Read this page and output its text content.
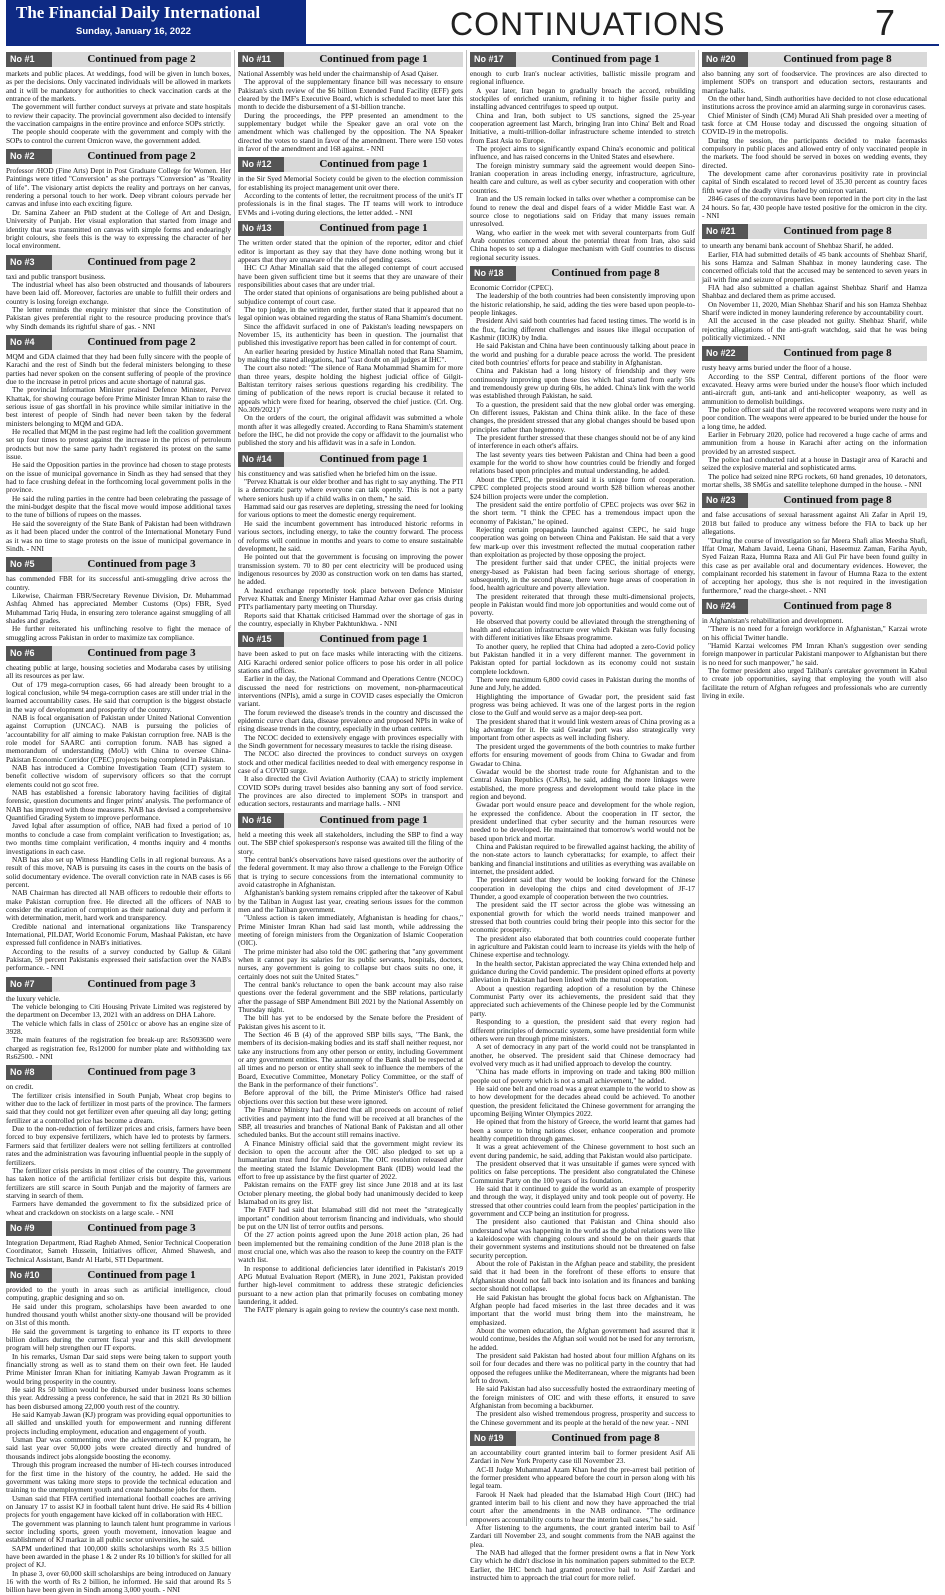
The Financial Daily International
Sunday, January 16, 2022	CONTINUATIONS	7
No #1	Continued from page 2

markets and public places. At weddings, food will be given in lunch boxes, as per the decisions. Only vaccinated individuals will be allowed in markets and it will be mandatory for authorities to check vaccination cards at the entrance of the markets.

The government will further conduct surveys at private and state hospitals to review their capacity. The provincial government also decided to intensify the vaccination campaigns in the entire province and enforce SOPs strictly.

The people should cooperate with the government and comply with the SOPs to control the current Omicron wave, the government added.

No #2	Continued from page 2

Professor /HOD (Fine Arts) Dept in Post Graduate College for Women. Her Paintings were titled "Conversion" as she portrays "Conversion" as "Reality of life". The visionary artist depicts the reality and portrays on her canvas, rendering a personal touch to her work. Deep vibrant colours pervade her canvas and infuse into each exciting figure.

Dr. Samina Zaheer an PhD student at the College of Art and Design, University of Punjab. Her visual exploration that started from image and identity that was transmitted on canvas with simple forms and endearingly bright colours, she feels this is the way to expressing the character of her local environment.

No #3	Continued from page 2

taxi and public transport business.

The industrial wheel has also been obstructed and thousands of labourers have been laid off. Moreover, factories are unable to fulfill their orders and country is losing foreign exchange.

The letter reminds the enquiry minister that since the Constitution of Pakistan gives preferential right to the resource producing province that's why Sindh demands its rightful share of gas. - NNI

No #4	Continued from page 2

MQM and GDA claimed that they had been fully sincere with the people of Karachi and the rest of Sindh but the federal ministers belonging to these parties had never spoken on the consent suffering of people of the province due to the increase in petrol prices and acute shortage of natural gas.

The provincial Information Minister praised Defence Minister, Pervez Khattak, for showing courage before Prime Minister Imran Khan to raise the serious issue of gas shortfall in his province while similar initiative in the best interest of people of Sindh had never been taken by the federal ministers belonging to MQM and GDA.

He recalled that MQM in the past regime had left the coalition government set up four times to protest against the increase in the prices of petroleum products but now the same party hadn't registered its protest on the same issue.

He said the Opposition parties in the province had chosen to stage protests on the issue of municipal governance in Sindh as they had sensed that they had to face crushing defeat in the forthcoming local government polls in the province.

He said the ruling parties in the centre had been celebrating the passage of the mini-budget despite that the fiscal move would impose additional taxes to the tune of billions of rupees on the masses.

He said the sovereignty of the State Bank of Pakistan had been withdrawn as it had been placed under the control of the International Monetary Fund as it was no time to stage protests on the issue of municipal governance in Sindh. - NNI

No #5	Continued from page 3

has commended FBR for its successful anti-smuggling drive across the country.

Likewise, Chairman FBR/Secretary Revenue Division, Dr. Muhammad Ashfaq Ahmed has appreciated Member Customs (Ops) FBR, Syed Muhammad Tariq Huda, in ensuring zero tolerance against smuggling of all shades and grades.

He further reiterated his unflinching resolve to fight the menace of smuggling across Pakistan in order to maximize tax compliance.

No #6	Continued from page 3

cheating public at large, housing societies and Modaraba cases by utilising all its resources as per law.

Out of 179 mega-corruption cases, 66 had already been brought to a logical conclusion, while 94 mega-corruption cases are still under trial in the learned accountability cases. He said that corruption is the biggest obstacle in the way of development and prosperity of the country.

NAB is focal organisation of Pakistan under United National Convention against Corruption (UNCAC). NAB is pursuing the policies of 'accountability for all' aiming to make Pakistan corruption free. NAB is the role model for SAARC anti corruption forum. NAB has signed a memorandum of understanding (MoU) with China to oversee China-Pakistan Economic Corridor (CPEC) projects being completed in Pakistan.

NAB has introduced a Combine Investigation Team (CIT) system to benefit collective wisdom of supervisory officers so that the corrupt elements could not go scot free.

NAB has established a forensic laboratory having facilities of digital forensic, question documents and finger prints' analysis. The performance of NAB has improved with those measures. NAB has devised a comprehensive Quantified Grading System to improve performance.

Javed Iqbal after assumption of office, NAB had fixed a period of 10 months to conclude a case from complaint verification to Investigation; as, two months time complaint verification, 4 months inquiry and 4 months investigations in each case.

NAB has also set up Witness Handling Cells in all regional bureaus. As a result of this move, NAB is pursuing its cases in the courts on the basis of solid documentary evidence. The overall conviction rate in NAB cases is 66 percent.

NAB Chairman has directed all NAB officers to redouble their efforts to make Pakistan corruption free. He directed all the officers of NAB to consider the eradication of corruption as their national duty and perform it with determination, merit, hard work and transparency.

Credible national and international organizations like Transparency International, PILDAT, World Economic Forum, Mashaal Pakistan, etc have expressed full confidence in NAB's initiatives.

According to the results of a survey conducted by Gallup & Gilani Pakistan, 59 percent Pakistanis expressed their satisfaction over the NAB's performance. - NNI

No #7	Continued from page 3

the luxury vehicle.

The vehicle belonging to Citi Housing Private Limited was registered by the department on December 13, 2021 with an address on DHA Lahore.

The vehicle which falls in class of 2501cc or above has an engine size of 3928.

The main features of the registration fee break-up are: Rs5093600 were charged as registration fee, Rs12000 for number plate and withholding tax Rs62500. - NNI

No #8	Continued from page 3

on credit.

The fertilizer crisis intensified in South Punjab, Wheat crop begins to wither due to the lack of fertilizer in most parts of the province. The farmers said that they could not get fertilizer even after queuing all day long; getting fertilizer at a controlled price has become a dream.

Due to the non-reduction of fertilizer prices and crisis, farmers have been forced to buy expensive fertilizers, which have led to protests by farmers. Farmers said that fertilizer dealers were not selling fertilizers at controlled rates and the administration was favouring influential people in the supply of fertilizers.

The fertilizer crisis persists in most cities of the country. The government has taken notice of the artificial fertilizer crisis but despite this, various fertilizers are still scarce in South Punjab and the majority of farmers are starving in search of them.

Farmers have demanded the government to fix the subsidized price of wheat and crackdown on stockists on a large scale. - NNI

No #9	Continued from page 3

Integration Department, Riad Ragheb Ahmed, Senior Technical Cooperation Coordinator, Sameh Hussein, Initiatives officer, Ahmed Shawesh, and Technical Assistant, Bandr Al Harbi, STI Department.

No #10	Continued from page 1

provided to the youth in areas such as artificial intelligence, cloud computing, graphic designing and so on.

He said under this program, scholarships have been awarded to one hundred thousand youth whilst another sixty-one thousand will be provided on 31st of this month.

He said the government is targeting to enhance its IT exports to three billion dollars during the current fiscal year and this skill development program will help strengthen our IT exports.

In his remarks, Usman Dar said steps were being taken to support youth financially strong as well as to stand them on their own feet. He lauded Prime Minister Imran Khan for initiating Kamyab Jawan Programm as it would bring prosperity in the country.

He said Rs 50 billion would be disbursed under business loans schemes this year. Addressing a press conference, he said that in 2021 Rs 30 billion has been disbursed among 22,000 youth rest of the country.

He said Kamyab Jawan (KJ) program was providing equal opportunities to all skilled and unskilled youth for empowerment and running different projects including employment, education and engagement of youth.

Usman Dar was commenting over the achievements of KJ program, he said last year over 50,000 jobs were created directly and hundred of thousands indirect jobs alongside boosting the economy.

Through this program increased the number of Hi-tech courses introduced for the first time in the history of the country, he added. He said the government was taking more steps to provide the technical education and training to the unemployment youth and create handsome jobs for them.

Usman said that FIFA certified international football coaches are arriving on January 17 to assist KJ in football talent hunt drive. He said Rs 4 billion projects for youth engagement have kicked off in collaboration with HEC.

The government was planning to launch talent hunt programme in various sector including sports, green youth movement, innovation league and establishment of KJ markaz in all public sector universities, he said.

SAPM underlined that 100,000 skills scholarships worth Rs 3.5 billion have been awarded in the phase 1 & 2 under Rs 10 billion's for skilled for all project of KJ.

In phase 3, over 60,000 skill scholarships are being introduced on January 16 with the worth of Rs 2 billion, he informed. He said that around Rs 5 billion have been given in Sindh among 3,000 youth. - NNI

No #11	Continued from page 1

National Assembly was held under the chairmanship of Asad Qaiser.

The approval of the supplementary finance bill was necessary to ensure Pakistan's sixth review of the $6 billion Extended Fund Facility (EFF) gets cleared by the IMF's Executive Board, which is scheduled to meet later this month to decide the disbursement of a $1-billion tranche.

During the proceedings, the PPP presented an amendment to the supplementary budget while the Speaker gave an oral vote on the amendment which was challenged by the opposition. The NA Speaker directed the votes to stand in favor of the amendment. There were 150 votes in favor of the amendment and 168 against. - NNI

No #12	Continued from page 1

in the Sir Syed Memorial Society could be given to the election commission for establishing its project management unit over there.

According to the contents of letter, the recruitment process of the unit's IT professionals is in the final stages. The IT teams will work to introduce EVMs and i-voting during elections, the letter added. - NNI

No #13	Continued from page 1

The written order stated that the opinion of the reporter, editor and chief editor is important as they say that they have done nothing wrong but it appears that they are unaware of the rules of pending cases.

IHC CJ Athar Minallah said that the alleged contempt of court accused have been given sufficient time but it seems that they are unaware of their responsibilities about cases that are under trial.

The order stated that opinions of organisations are being published about a subjudice contempt of court case.

The top judge, in the written order, further stated that it appeared that no legal opinion was obtained regarding the status of Rana Shamim's document.

Since the affidavit surfaced in one of Pakistan's leading newspapers on November 15, its authenticity has been in question. The journalist that published this investigative report has been called in for contempt of court.

An earlier hearing presided by Justice Minallah noted that Rana Shamim, by making the stated allegations, had "cast doubt on all judges at IHC".

The court also noted: "The silence of Rana Mohammad Shamim for more than three years, despite holding the highest judicial office of Gilgit-Baltistan territory raises serious questions regarding his credibility. The timing of publication of the news report is crucial because it related to appeals which were fixed for hearing, observed the chief justice. (Crl. Org. No.309/2021)"

On the orders of the court, the original affidavit was submitted a whole month after it was allegedly created. According to Rana Shamim's statement before the IHC, he did not provide the copy or affidavit to the journalist who published the story and his affidavit was in a safe in London.

No #14	Continued from page 1

his constituency and was satisfied when he briefed him on the issue.

"Pervez Khattak is our elder brother and has right to say anything. The PTI is a democratic party where everyone can talk openly. This is not a party where seniors hush up if a child walks in on them," he said.

Hammad said our gas reserves are depleting, stressing the need for looking for various options to meet the domestic energy requirement.

He said the incumbent government has introduced historic reforms in various sectors, including energy, to take the country forward. The process of reforms will continue in months and years to come to ensure sustainable development, he said.

He pointed out that the government is focusing on improving the power transmission system. 70 to 80 per cent electricity will be produced using indigenous resources by 2030 as construction work on ten dams has started, he added.

A heated exchange reportedly took place between Defence Minister Pervez Khattak and Energy Minister Hammad Azhar over gas crisis during PTI's parliamentary party meeting on Thursday.

Reports said that Khattak criticised Hammad over the shortage of gas in the country, especially in Khyber Pakhtunkhwa. - NNI

No #15	Continued from page 1

have been asked to put on face masks while interacting with the citizens. AIG Karachi ordered senior police officers to pose his order in all police stations and offices.

Earlier in the day, the National Command and Operations Centre (NCOC) discussed the need for restrictions on movement, non-pharmaceutical interventions (NPIs), amid a surge in COVID cases especially the Omicron variant.

The forum reviewed the disease's trends in the country and discussed the epidemic curve chart data, disease prevalence and proposed NPIs in wake of rising disease trends in the country, especially in the urban centers.

The NCOC decided to extensively engage with provinces especially with the Sindh government for necessary measures to tackle the rising disease.

The NCOC also directed the provinces to conduct surveys on oxygen stock and other medical facilities needed to deal with emergency response in case of a COVID surge.

It also directed the Civil Aviation Authority (CAA) to strictly implement COVID SOPs during travel besides also banning any sort of food service. The provinces are also directed to implement SOPs in transport and education sectors, restaurants and marriage halls. - NNI

No #16	Continued from page 1

held a meeting this week all stakeholders, including the SBP to find a way out. The SBP chief spokesperson's response was awaited till the filing of the story.

The central bank's observations have raised questions over the authority of the federal government. It may also throw a challenge to the Foreign Office that is trying to secure concessions from the international community to avoid catastrophe in Afghanistan.

Afghanistan's banking system remains crippled after the takeover of Kabul by the Taliban in August last year, creating serious issues for the common men and the Taliban government.

"Unless action is taken immediately, Afghanistan is heading for chaos," Prime Minister Imran Khan had said last month, while addressing the meeting of foreign ministers from the Organization of Islamic Cooperation (OIC).

The prime minister had also told the OIC gathering that "any government when it cannot pay its salaries for its public servants, hospitals, doctors, nurses, any government is going to collapse but chaos suits no one, it certainly does not suit the United States."

The central bank's reluctance to open the bank account may also raise questions over the federal government and the SBP relations, particularly after the passage of SBP Amendment Bill 2021 by the National Assembly on Thursday night.

The bill has yet to be endorsed by the Senate before the President of Pakistan gives his ascent to it.

The Section 46 B (4) of the approved SBP bills says, "The Bank, the members of its decision-making bodies and its staff shall neither request, nor take any instructions from any other person or entity, including Government or any government entities. The autonomy of the Bank shall be respected at all times and no person or entity shall seek to influence the members of the Board, Executive Committee, Monetary Policy Committee, or the staff of the Bank in the performance of their functions".

Before approval of the bill, the Prime Minister's Office had raised objections over this section but these were ignored.

The Finance Ministry had directed that all proceeds on account of relief activities and payment into the fund will be received at all branches of the SBP, all treasuries and branches of National Bank of Pakistan and all other scheduled banks. But the account still remains inactive.

A Finance Ministry official said that the government might review its decision to open the account after the OIC also pledged to set up a humanitarian trust fund for Afghanistan. The OIC resolution released after the meeting stated the Islamic Development Bank (IDB) would lead the effort to free up assistance by the first quarter of 2022.

Pakistan remains on the FATF grey list since June 2018 and at its last October plenary meeting, the global body had unanimously decided to keep Islamabad on its grey list.

The FATF had said that Islamabad still did not meet the "strategically important" condition about terrorism financing and individuals, who should be put on the UN list of terror outfits and persons.

Of the 27 action points agreed upon the June 2018 action plan, 26 had been implemented but the remaining condition of the June 2018 plan is the most crucial one, which was also the reason to keep the country on the FATF watch list.

In response to additional deficiencies later identified in Pakistan's 2019 APG Mutual Evaluation Report (MER), in June 2021, Pakistan provided further high-level commitment to address these strategic deficiencies pursuant to a new action plan that primarily focuses on combating money laundering, it added.

The FATF plenary is again going to review the country's case next month.

No #17	Continued from page 1

enough to curb Iran's nuclear activities, ballistic missile program and regional influence.

A year later, Iran began to gradually breach the accord, rebuilding stockpiles of enriched uranium, refining it to higher fissile purity and installing advanced centrifuges to speed up output.

China and Iran, both subject to US sanctions, signed the 25-year cooperation agreement last March, bringing Iran into China' Belt and Road Initiative, a multi-trillion-dollar infrastructure scheme intended to stretch from East Asia to Europe.

The project aims to significantly expand China's economic and political influence, and has raised concerns in the United States and elsewhere.

The foreign ministry summary said the agreement would deepen Sino-Iranian cooperation in areas including energy, infrastructure, agriculture, health care and culture, as well as cyber security and cooperation with other countries.

Iran and the US remain locked in talks over whether a compromise can be found to renew the deal and dispel fears of a wider Middle East war. A source close to negotiations said on Friday that many issues remain unresolved.

Wang, who earlier in the week met with several counterparts from Gulf Arab countries concerned about the potential threat from Iran, also said China hopes to set up a dialogue mechanism with Gulf countries to discuss regional security issues.

No #18	Continued from page 8

Economic Corridor (CPEC).

The leadership of the both countries had been consistently improving upon the historic relationship, he said, adding the ties were based upon people-to-people linkages.

President Alvi said both countries had faced testing times. The world is in the flux, facing different challenges and issues like illegal occupation of Kashmir (IIOJK) by India.

He said Pakistan and China have been continuously talking about peace in the world and pushing for a durable peace across the world. The president cited both countries' efforts for peace and stability in Afghanistan.

China and Pakistan had a long history of friendship and they were continuously improving upon these ties which had started from early 50s and tremendously grew up during 60s, he added. China's link with the world was established through Pakistan, he said.

To a question, the president said that the new global order was emerging. On different issues, Pakistan and China think alike. In the face of these changes, the president stressed that any global changes should be based upon principles rather than hegemony.

The president further stressed that these changes should not be of any kind of interference in each other's affairs.

The last seventy years ties between Pakistan and China had been a good example for the world to show how countries could be friendly and forged relations based upon principles and mutual understanding, he added.

About the CPEC, the president said it is unique form of cooperation. CPEC completed projects stood around worth $28 billion whereas another $24 billion projects were under the completion.

The president said the entire portfolio of CPEC projects was over $62 in the short term. "I think the CPEC has a tremendous impact upon the economy of Pakistan," he opined.

Rejecting certain propaganda launched against CEPC, he said huge cooperation was going on between China and Pakistan. He said that a very few mark-up over this investment reflected the mutual cooperation rather than exploitation as projected by those opposing the project.

The president further said that under CPEC, the initial projects were energy-based as Pakistan had been facing serious shortage of energy, subsequently, in the second phase, there were huge areas of cooperation in food, health agriculture and poverty alleviation.

The president reiterated that through these multi-dimensional projects, people in Pakistan would find more job opportunities and would come out of poverty.

He observed that poverty could be alleviated through the strengthening of health and education infrastructure over which Pakistan was fully focusing with different initiatives like Ehsaas programme.

To another query, he replied that China had adopted a zero-Covid policy but Pakistan handled it in a very different manner. The government in Pakistan opted for partial lockdown as its economy could not sustain complete lockdown.

There were maximum 6,800 covid cases in Pakistan during the months of June and July, he added.

Highlighting the importance of Gwadar port, the president said fast progress was being achieved. It was one of the largest ports in the region close to the Gulf and would serve as a major deep-sea port.

The president shared that it would link western areas of China proving as a big advantage for it. He said Gwadar port was also strategically very important from other aspects as well including fishery.

The president urged the governments of the both countries to make further efforts for ensuring movement of goods from China to Gwadar and from Gwadar to China.

Gwadar would be the shortest trade route for Afghanistan and to the Central Asian Republics (CARs), he said, adding the more linkages were established, the more progress and development would take place in the region and beyond.

Gwadar port would ensure peace and development for the whole region, he expressed the confidence. About the cooperation in IT sector, the president underlined that cyber security and the human resources were needed to be developed. He maintained that tomorrow's world would not be based upon brick and mortar.

China and Pakistan required to be firewalled against hacking, the ability of the non-state actors to launch cyberattacks; for example, to affect their banking and financial institutions and utilities as everything was available on internet, the president added.

The president said that they would be looking forward for the Chinese cooperation in developing the chips and cited development of JF-17 Thunder, a good example of cooperation between the two countries.

The president said the IT sector across the globe was witnessing an exponential growth for which the world needs trained manpower and stressed that both countries could bring their people into this sector for the economic prosperity.

The president also elaborated that both countries could cooperate further in agriculture and Pakistan could learn to increase its yields with the help of Chinese expertise and technology.

In the health sector, Pakistan appreciated the way China extended help and guidance during the Covid pandemic. The president opined efforts at poverty alleviation in Pakistan had been linked with the mutual cooperation.

About a question regarding adoption of a resolution by the Chinese Communist Party over its achievements, the president said that they appreciated such achievements of the Chinese people led by the Communist party.

Responding to a question, the president said that every region had different principles of democratic system, some have presidential form while others were run through prime ministers.

A set of democracy in any part of the world could not be transplanted in another, he observed. The president said that Chinese democracy had evolved very much as it had unified approach to develop the country.

"China has made efforts in improving on trade and taking 800 million people out of poverty which is not a small achievement," he added.

He said one belt and one road was a great example to the world to show as to how development for the decades ahead could be achieved. To another question, the president felicitated the Chinese government for arranging the upcoming Beijing Winter Olympics 2022.

He opined that from the history of Greece, the world learnt that games had been a source to bring nations closer, enhance cooperation and promote healthy competition through games.

It was a great achievement of the Chinese government to host such an event during pandemic, he said, adding that Pakistan would also participate.

The president observed that it was unsuitable if games were synced with politics on false perceptions. The president also congratulated the Chinese Communist Party on the 100 years of its foundation.

He said that it continued to guide the world as an example of prosperity and through the way, it displayed unity and took people out of poverty. He stressed that other countries could learn from the peoples' participation in the government and CCP being an institution for progress.

The president also cautioned that Pakistan and China should also understand what was happening in the world as the global relations were like a kaleidoscope with changing colours and should be on their guards that their government systems and institutions should not be threatened on false security perception.

About the role of Pakistan in the Afghan peace and stability, the president said that it had been in the forefront of these efforts to ensure that Afghanistan should not fall back into isolation and its finances and banking sector should not collapse.

He said Pakistan has brought the global focus back on Afghanistan. The Afghan people had faced miseries in the last three decades and it was important that the world must bring them into the mainstream, he emphasized.

About the women education, the Afghan government had assured that it would continue, besides the Afghan soil would not be used for any terrorism, he added.

The president said Pakistan had hosted about four million Afghans on its soil for four decades and there was no political party in the country that had opposed the refugees unlike the Mediterranean, where the migrants had been left to drown.

He said Pakistan had also successfully hosted the extraordinary meeting of the foreign ministers of OIC and with these efforts, it ensured to save Afghanistan from becoming a backburner.

The president also wished tremendous progress, prosperity and success to the Chinese government and its people at the herald of the new year. - NNI

No #19	Continued from page 8

an accountability court granted interim bail to former president Asif Ali Zardari in New York Property case till November 23.

AC-II Judge Muhammad Azam Khan heard the pre-arrest bail petition of the former president who appeared before the court in person along with his legal team.

Farook H Naek had pleaded that the Islamabad High Court (IHC) had granted interim bail to his client and now they have approached the trial court after the amendments in the NAB ordinance. "The ordinance empowers accountability courts to hear the interim bail cases," he said.

After listening to the arguments, the court granted interim bail to Asif Zardari till November 23, and sought comments from the NAB against the plea.

The NAB had alleged that the former president owns a flat in New York City which he didn't disclose in his nomination papers submitted to the ECP. Earlier, the IHC bench had granted protective bail to Asif Zardari and instructed him to approach the trial court for more relief.

No #20	Continued from page 8

also banning any sort of foodservice. The provinces are also directed to implement SOPs on transport and education sectors, restaurants and marriage halls.

On the other hand, Sindh authorities have decided to not close educational institutions across the province amid an alarming surge in coronavirus cases.

Chief Minister of Sindh (CM) Murad Ali Shah presided over a meeting of task force at CM House today and discussed the ongoing situation of COVID-19 in the metropolis.

During the session, the participants decided to make facemasks compulsory in public places and allowed entry of only vaccinated people in the markets. The food should be served in boxes on wedding events, they directed.

The development came after coronavirus positivity rate in provincial capital of Sindh escalated to record level of 35.30 percent as country faces fifth wave of the deadly virus fueled by omicron variant.

2846 cases of the coronavirus have been reported in the port city in the last 24 hours. So far, 430 people have tested positive for the omicron in the city. - NNI

No #21	Continued from page 8

to unearth any benami bank account of Shehbaz Sharif, he added.

Earlier, FIA had submitted details of 45 bank accounts of Shehbaz Sharif, his sons Hamza and Salman Shahbaz in money laundering case. The concerned officials told that the accused may be sentenced to seven years in jail with fine and seizure of properties.

FIA had also submitted a challan against Shehbaz Sharif and Hamza Shahbaz and declared them as prime accused.

On November 11, 2020, Mian Shehbaz Sharif and his son Hamza Shehbaz Sharif were indicted in money laundering reference by accountability court.

All the accused in the case pleaded not guilty. Shehbaz Sharif, while rejecting allegations of the anti-graft watchdog, said that he was being politically victimized. - NNI

No #22	Continued from page 8

rusty heavy arms buried under the floor of a house.

According to the SSP Central, different portions of the floor were excavated. Heavy arms were buried under the house's floor which included anti-aircraft gun, anti-tank and anti-helicopter weaponry, as well as ammunition to demolish buildings.

The police officer said that all of the recovered weapons were rusty and in poor condition. The weapons were appeared to be buried under the house for a long time, he added.

Earlier in February 2020, police had recovered a huge cache of arms and ammunition from a house in Karachi after acting on the information provided by an arrested suspect.

The police had conducted raid at a house in Dastagir area of Karachi and seized the explosive material and sophisticated arms.

The police had seized nine RPG rockets, 60 hand grenades, 10 detonators, mortar shells, 38 SMGs and satellite telephone dumped in the house. - NNI

No #23	Continued from page 8

and false accusations of sexual harassment against Ali Zafar in April 19, 2018 but failed to produce any witness before the FIA to back up her allegations.

"During the course of investigation so far Meera Shafi alias Meesha Shafi, Iffat Omar, Maham Javaid, Leena Ghani, Haseemuz Zaman, Fariha Ayub, Syed Faizan Raza, Humna Raza and Ali Gul Pir have been found guilty in this case as per available oral and documentary evidences. However, the complainant recorded his statement in favour of Humna Raza to the extent of accepting her apology, thus she is not required in the investigation furthermore," read the charge-sheet. - NNI

No #24	Continued from page 8

in Afghanistan's rehabilitation and development.

"There is no need for a foreign workforce in Afghanistan," Karzai wrote on his official Twitter handle.

"Hamid Karzai welcomes PM Imran Khan's suggestion over sending foreign manpower in particular Pakistani manpower to Afghanistan but there is no need for such manpower," he said.

The former president also urged Taliban's caretaker government in Kabul to create job opportunities, saying that employing the youth will also facilitate the return of Afghan refugees and professionals who are currently living in exile.
